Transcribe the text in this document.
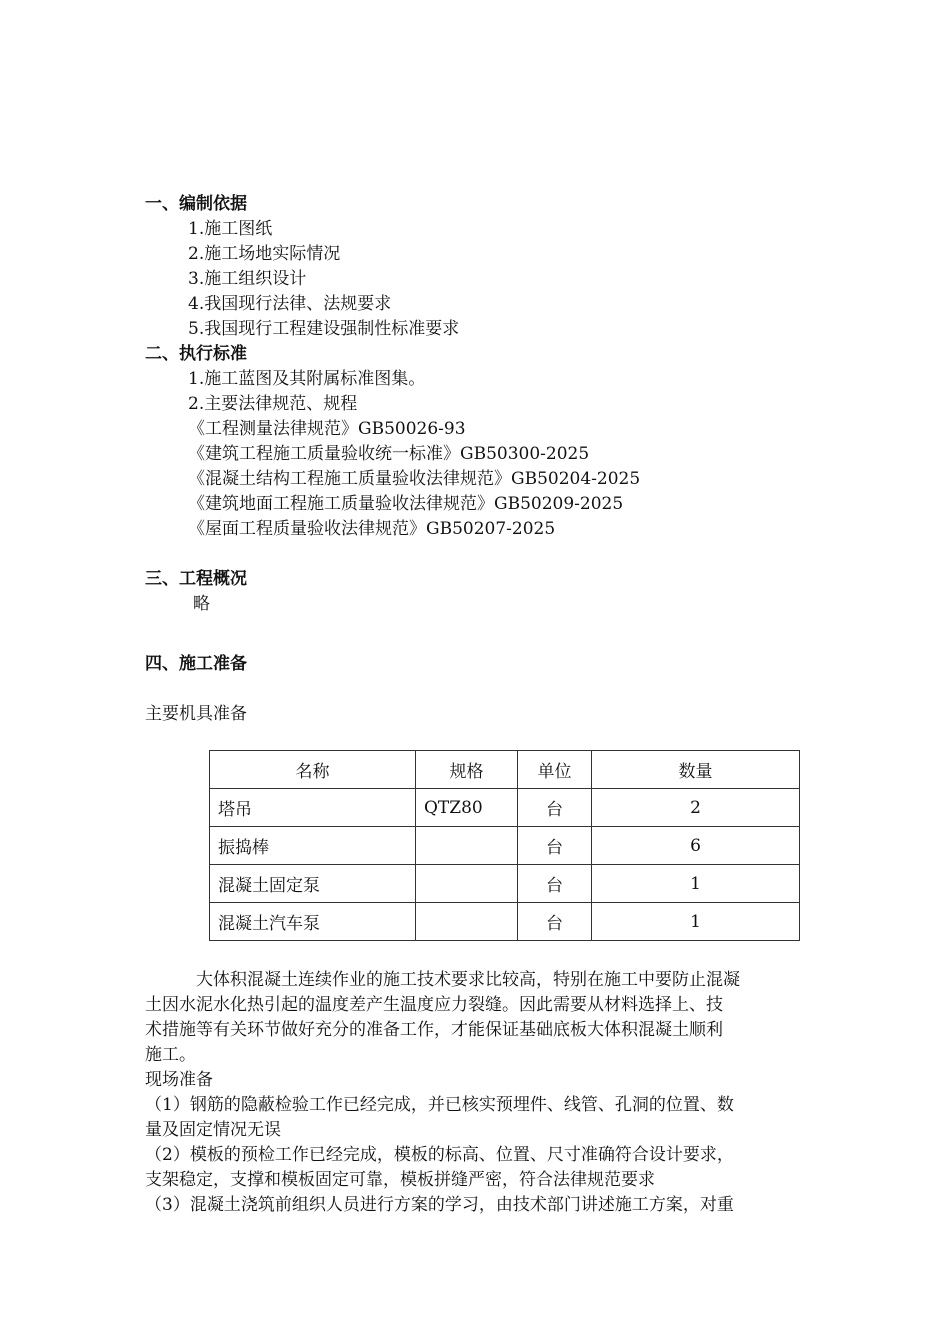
一、编制依据
1.施工图纸
2.施工场地实际情况
3.施工组织设计
4.我国现行法律、法规要求
5.我国现行工程建设强制性标准要求
二、执行标准
1.施工蓝图及其附属标准图集。
2.主要法律规范、规程
《工程测量法律规范》GB50026-93
《建筑工程施工质量验收统一标准》GB50300-2025
《混凝土结构工程施工质量验收法律规范》GB50204-2025
《建筑地面工程施工质量验收法律规范》GB50209-2025
《屋面工程质量验收法律规范》GB50207-2025
三、工程概况
略
四、施工准备
主要机具准备
名称	规格	单位	数量
塔吊	QTZ80	台	2
振捣棒		台	6
混凝土固定泵		台	1
混凝土汽车泵		台	1
　　　大体积混凝土连续作业的施工技术要求比较高，特别在施工中要防止混凝
土因水泥水化热引起的温度差产生温度应力裂缝。因此需要从材料选择上、技
术措施等有关环节做好充分的准备工作，才能保证基础底板大体积混凝土顺利
施工。
现场准备
（1）钢筋的隐蔽检验工作已经完成，并已核实预埋件、线管、孔洞的位置、数
量及固定情况无误
（2）模板的预检工作已经完成，模板的标高、位置、尺寸准确符合设计要求，
支架稳定，支撑和模板固定可靠，模板拼缝严密，符合法律规范要求
（3）混凝土浇筑前组织人员进行方案的学习，由技术部门讲述施工方案，对重
